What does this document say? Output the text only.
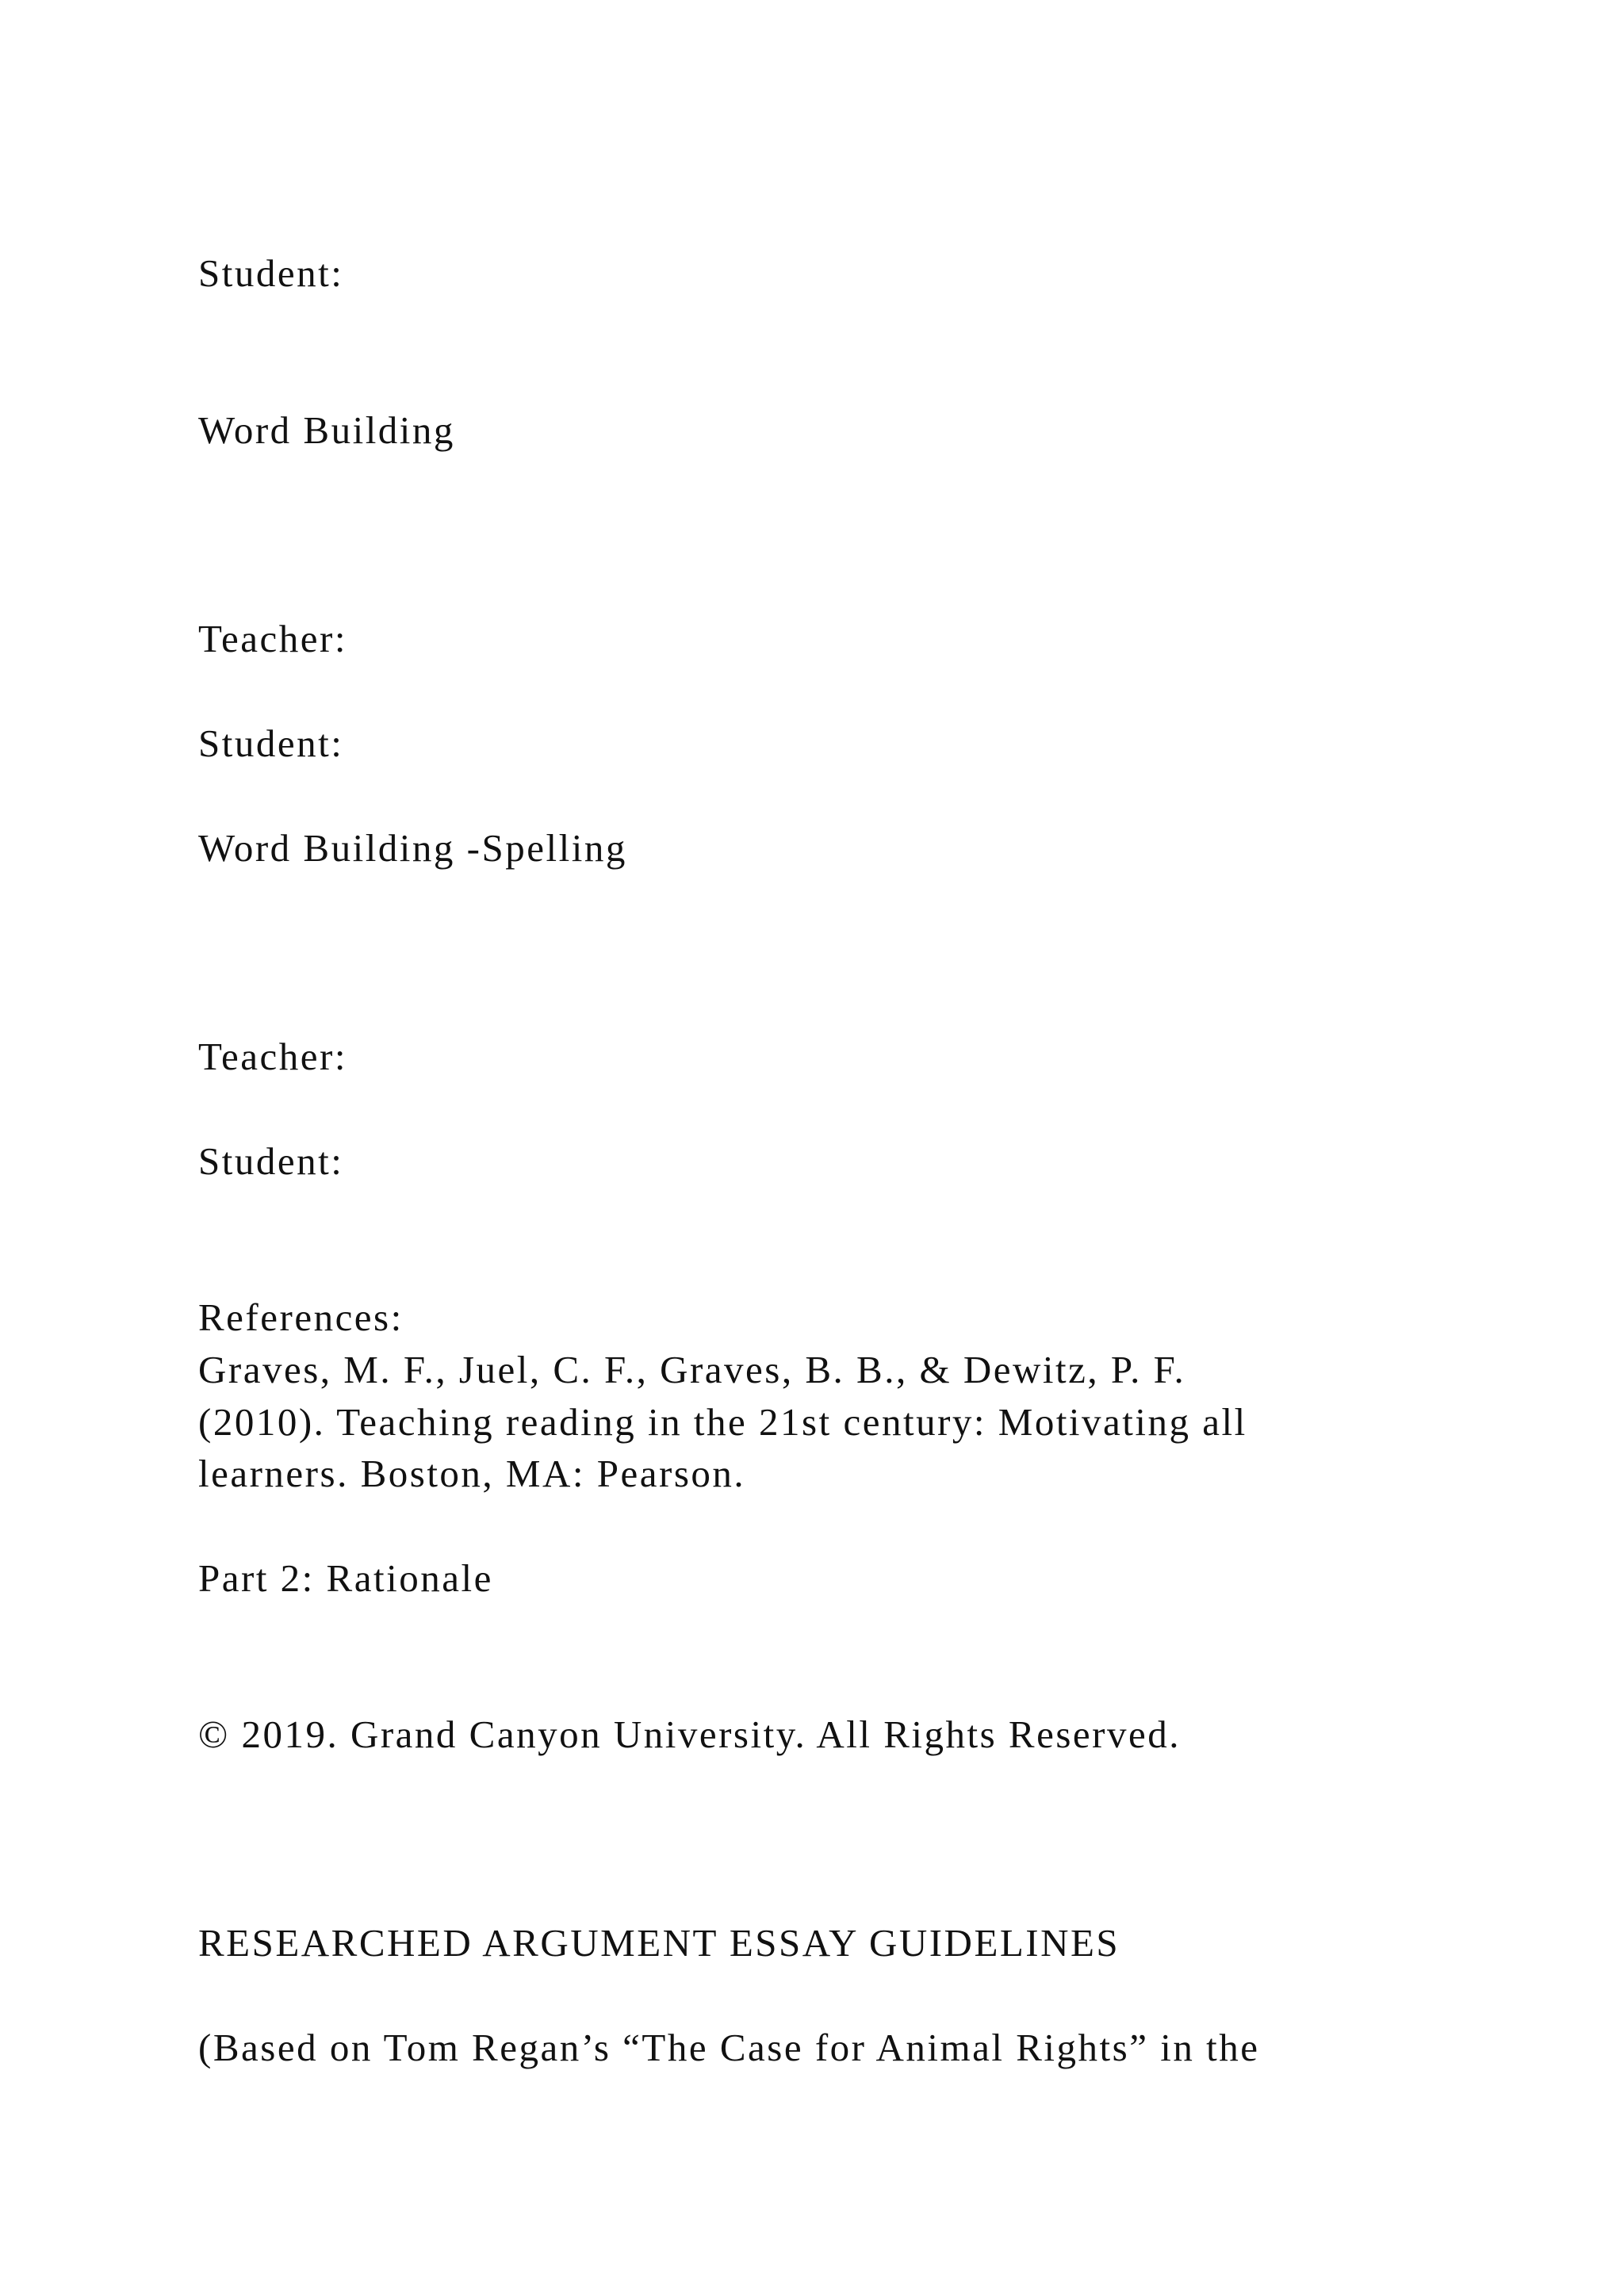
Student:

Word Building

Teacher:

Student:

Word Building -Spelling

Teacher:

Student:

References:

Graves, M. F., Juel, C. F., Graves, B. B., & Dewitz, P. F.

(2010). Teaching reading in the 21st century: Motivating all

learners. Boston, MA: Pearson.

Part 2: Rationale

© 2019. Grand Canyon University. All Rights Reserved.

RESEARCHED ARGUMENT ESSAY GUIDELINES

(Based on Tom Regan’s “The Case for Animal Rights” in the
